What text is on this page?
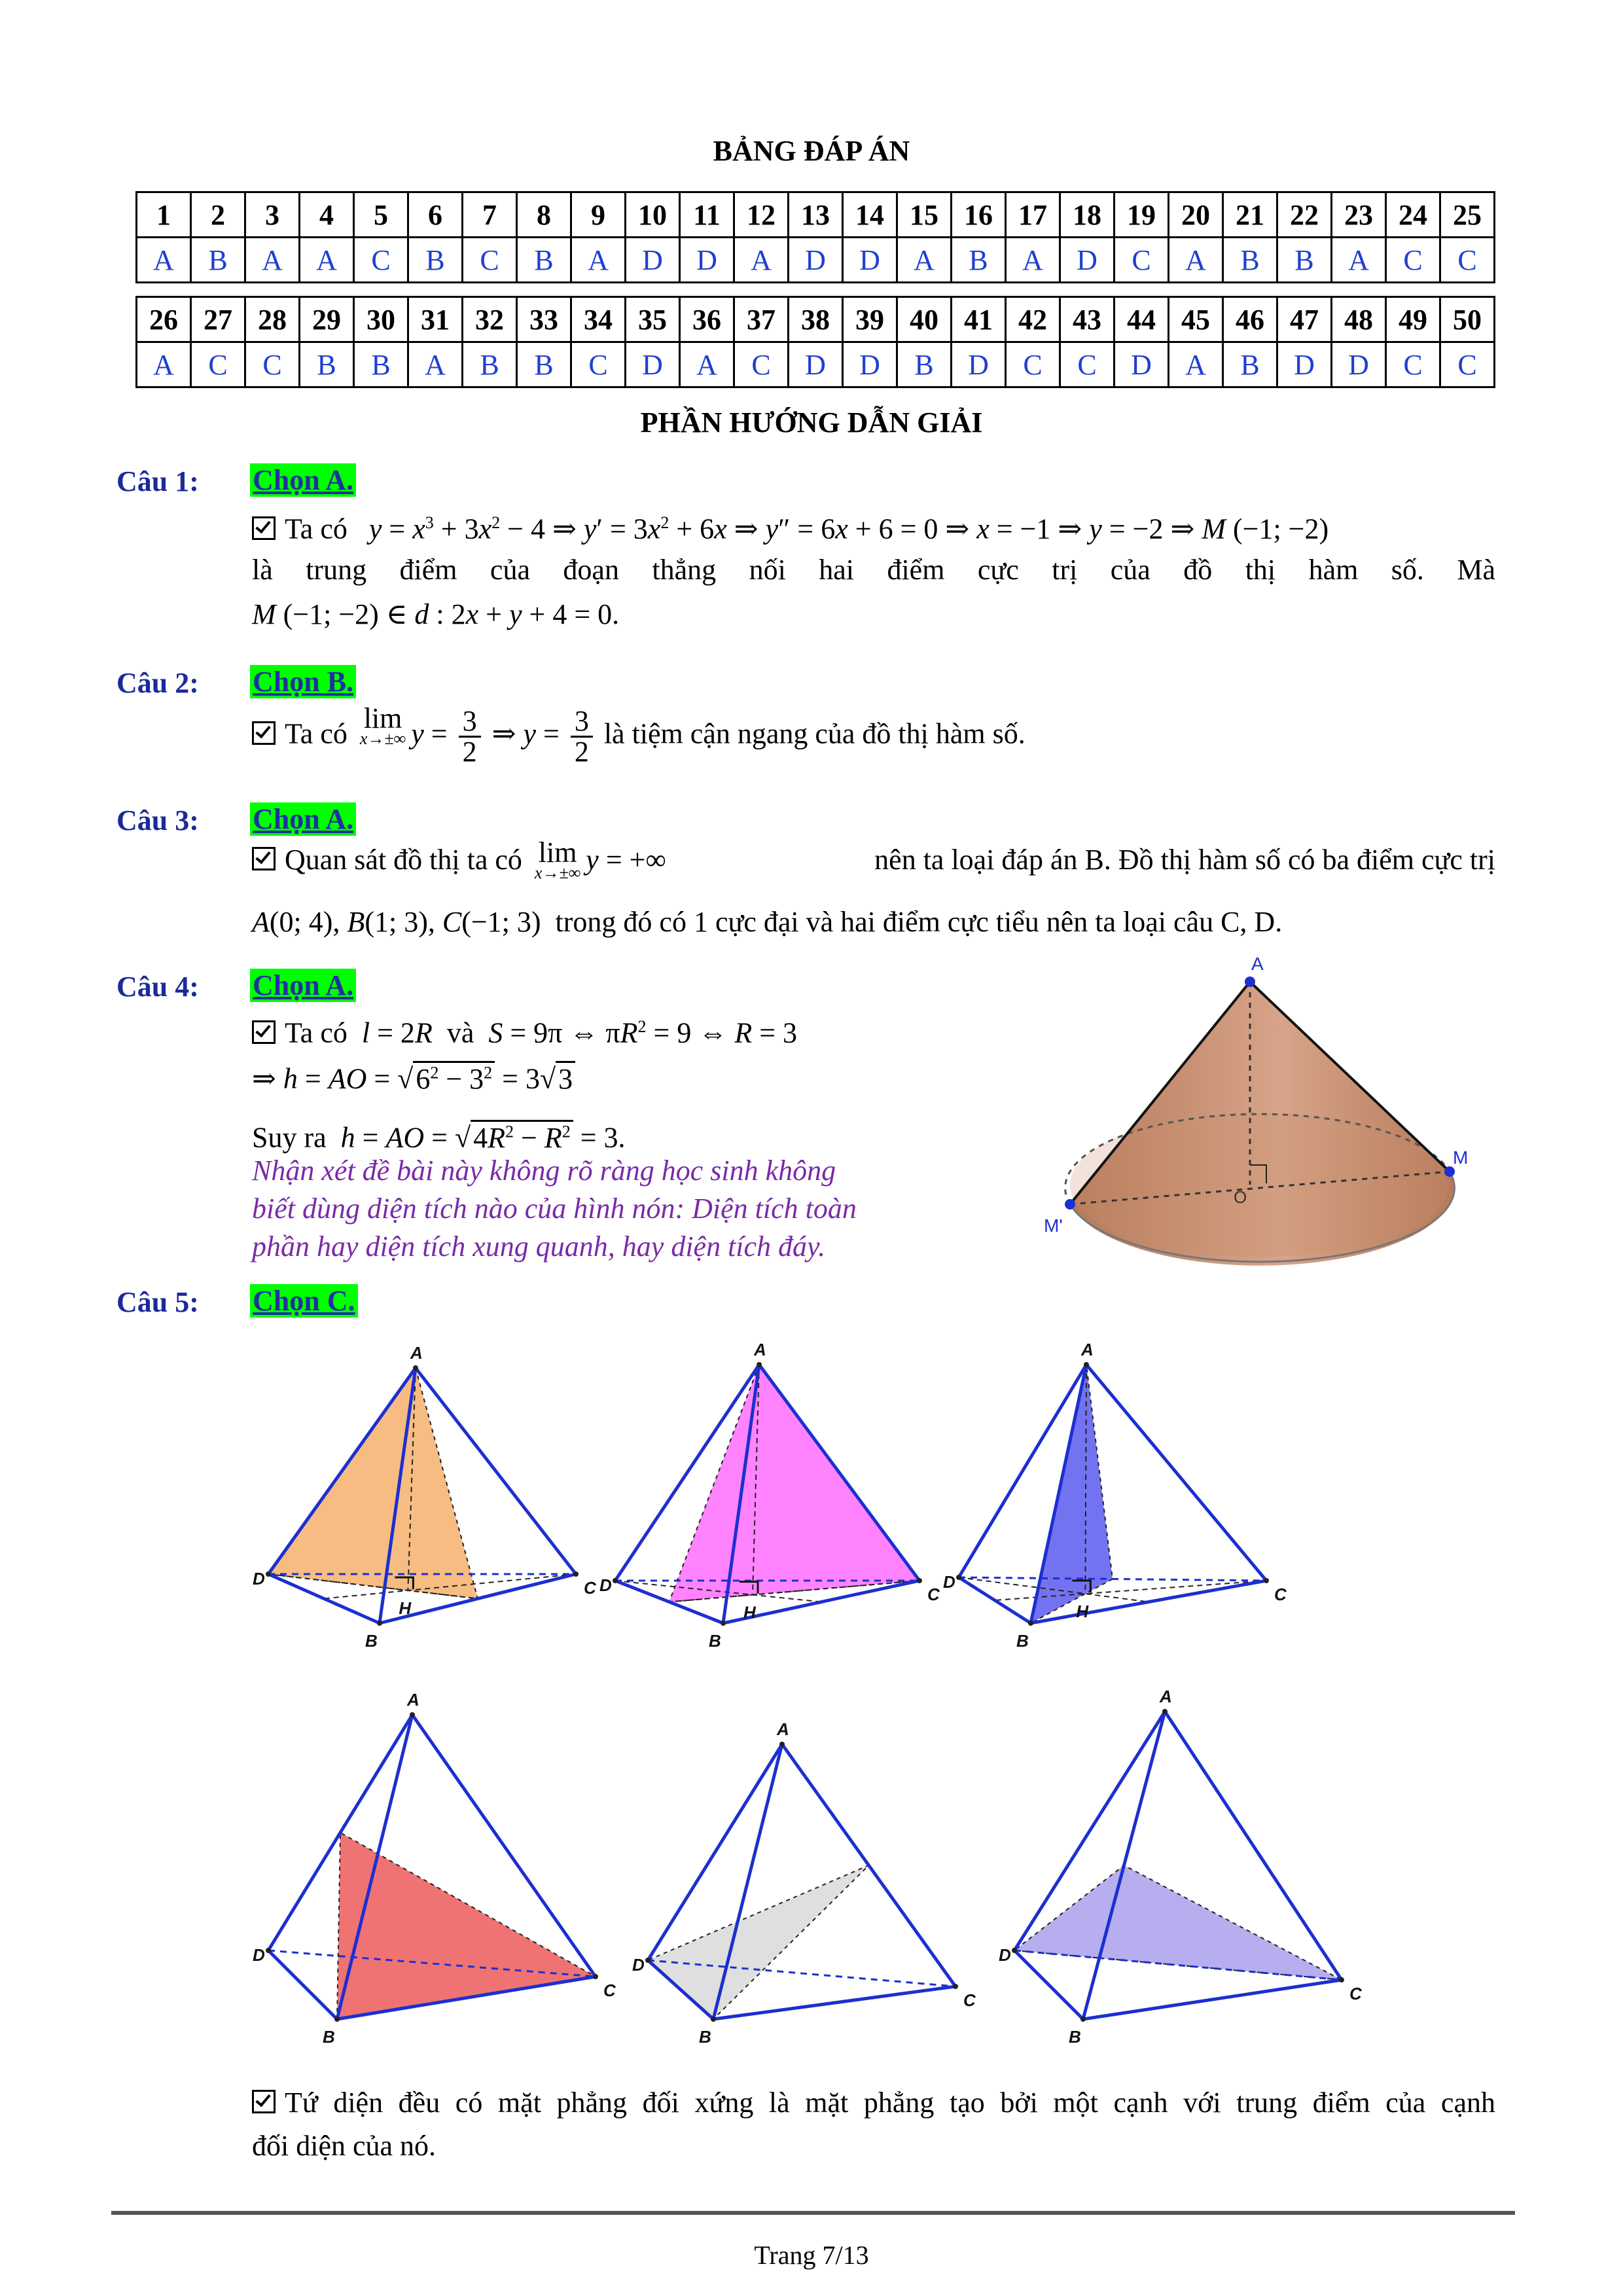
BẢNG ĐÁP ÁN
1	2	3	4	5	6	7	8	9	10	11	12	13	14	15	16	17	18	19	20	21	22	23	24	25
A	B	A	A	C	B	C	B	A	D	D	A	D	D	A	B	A	D	C	A	B	B	A	C	C
26	27	28	29	30	31	32	33	34	35	36	37	38	39	40	41	42	43	44	45	46	47	48	49	50
A	C	C	B	B	A	B	B	C	D	A	C	D	D	B	D	C	C	D	A	B	D	D	C	C
PHẦN HƯỚNG DẪN GIẢI
Câu 1: Chọn A.
Ta có $y = x^3 + 3x^2 - 4$ ⇒ $y' = 3x^2 + 6x$ ⇒ y″ = 6x + 6 = 0 ⇒ x = −1 ⇒ y = −2 ⇒ M (−1; −2)
là trung điểm của đoạn thẳng nối hai điểm cực trị của đồ thị hàm số. Mà
M (−1; −2) ∈ d : 2x + y + 4 = 0.
Câu 2: Chọn B.
Ta có lim
x→±∞ $y = \frac{3}{2}$ ⇒ $y = \frac{3}{2}$ là tiệm cận ngang của đồ thị hàm số.
Câu 3: Chọn A.
Quan sát đồ thị ta có lim
x→±∞ y = +∞	nên ta loại đáp án B. Đồ thị hàm số có ba điểm cực trị
A(0; 4), B(1; 3), C(−1; 3)  trong đó có 1 cực đại và hai điểm cực tiểu nên ta loại câu C, D.
Câu 4: Chọn A.
Ta có l = 2R và S = 9π ⇔ $\pi R^2 = 9$ ⇔ R = 3
⇒ h = AO = $√6^2 - 3^2 = 3√3$
Suy ra h = AO = $√4R^2 - R^2 = 3$.
Nhận xét đề bài này không rõ ràng học sinh không
biết dùng diện tích nào của hình nón: Diện tích toàn
phần hay diện tích xung quanh, hay diện tích đáy.
A
M
M'
O
Câu 5: Chọn C.
A
B
C
D
H
A
B
C
D
H
A
B
C
D
H
A
B
C
D
A
B
C
D
A
B
C
D
Tứ diện đều có mặt phẳng đối xứng là mặt phẳng tạo bởi một cạnh với trung điểm của cạnh
đối diện của nó.
Trang 7/13
